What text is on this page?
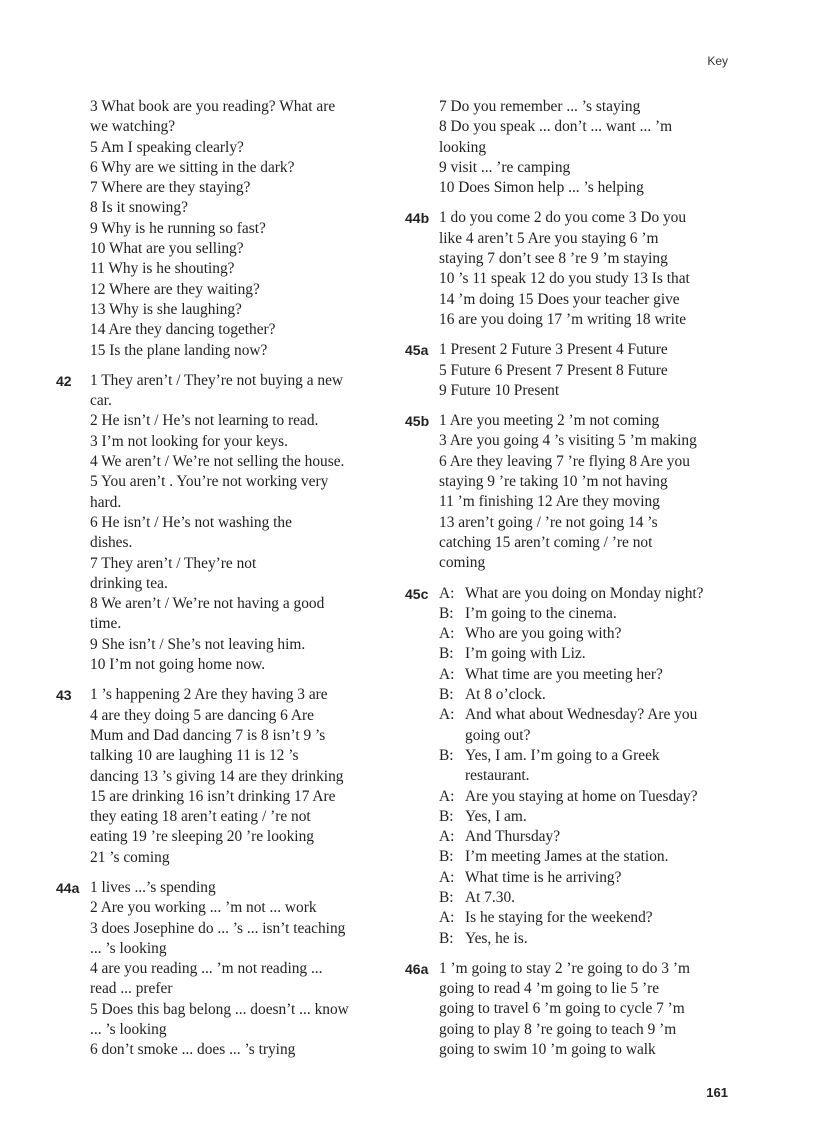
Key
3 What book are you reading? What are
we watching?
5 Am I speaking clearly?
6 Why are we sitting in the dark?
7 Where are they staying?
8 Is it snowing?
9 Why is he running so fast?
10 What are you selling?
11 Why is he shouting?
12 Where are they waiting?
13 Why is she laughing?
14 Are they dancing together?
15 Is the plane landing now?
42 1 They aren’t / They’re not buying a new
car.
2 He isn’t / He’s not learning to read.
3 I’m not looking for your keys.
4 We aren’t / We’re not selling the house.
5 You aren’t . You’re not working very
hard.
6 He isn’t / He’s not washing the
dishes.
7 They aren’t / They’re not
drinking tea.
8 We aren’t / We’re not having a good
time.
9 She isn’t / She’s not leaving him.
10 I’m not going home now.
43 1 ’s happening 2 Are they having 3 are
4 are they doing 5 are dancing 6 Are
Mum and Dad dancing 7 is 8 isn’t 9 ’s
talking 10 are laughing 11 is 12 ’s
dancing 13 ’s giving 14 are they drinking
15 are drinking 16 isn’t drinking 17 Are
they eating 18 aren’t eating / ’re not
eating 19 ’re sleeping 20 ’re looking
21 ’s coming
44a 1 lives ...’s spending
2 Are you working ... ’m not ... work
3 does Josephine do ... ’s ... isn’t teaching
... ’s looking
4 are you reading ... ’m not reading ...
read ... prefer
5 Does this bag belong ... doesn’t ... know
... ’s looking
6 don’t smoke ... does ... ’s trying
7 Do you remember ... ’s staying
8 Do you speak ... don’t ... want ... ’m
looking
9 visit ... ’re camping
10 Does Simon help ... ’s helping
44b 1 do you come 2 do you come 3 Do you
like 4 aren’t 5 Are you staying 6 ’m
staying 7 don’t see 8 ’re 9 ’m staying
10 ’s 11 speak 12 do you study 13 Is that
14 ’m doing 15 Does your teacher give
16 are you doing 17 ’m writing 18 write
45a 1 Present 2 Future 3 Present 4 Future
5 Future 6 Present 7 Present 8 Future
9 Future 10 Present
45b 1 Are you meeting 2 ’m not coming
3 Are you going 4 ’s visiting 5 ’m making
6 Are they leaving 7 ’re flying 8 Are you
staying 9 ’re taking 10 ’m not having
11 ’m finishing 12 Are they moving
13 aren’t going / ’re not going 14 ’s
catching 15 aren’t coming / ’re not
coming
45c A: What are you doing on Monday night?
B: I’m going to the cinema.
A: Who are you going with?
B: I’m going with Liz.
A: What time are you meeting her?
B: At 8 o’clock.
A: And what about Wednesday? Are you
going out?
B: Yes, I am. I’m going to a Greek
restaurant.
A: Are you staying at home on Tuesday?
B: Yes, I am.
A: And Thursday?
B: I’m meeting James at the station.
A: What time is he arriving?
B: At 7.30.
A: Is he staying for the weekend?
B: Yes, he is.
46a 1 ’m going to stay 2 ’re going to do 3 ’m
going to read 4 ’m going to lie 5 ’re
going to travel 6 ’m going to cycle 7 ’m
going to play 8 ’re going to teach 9 ’m
going to swim 10 ’m going to walk
161
